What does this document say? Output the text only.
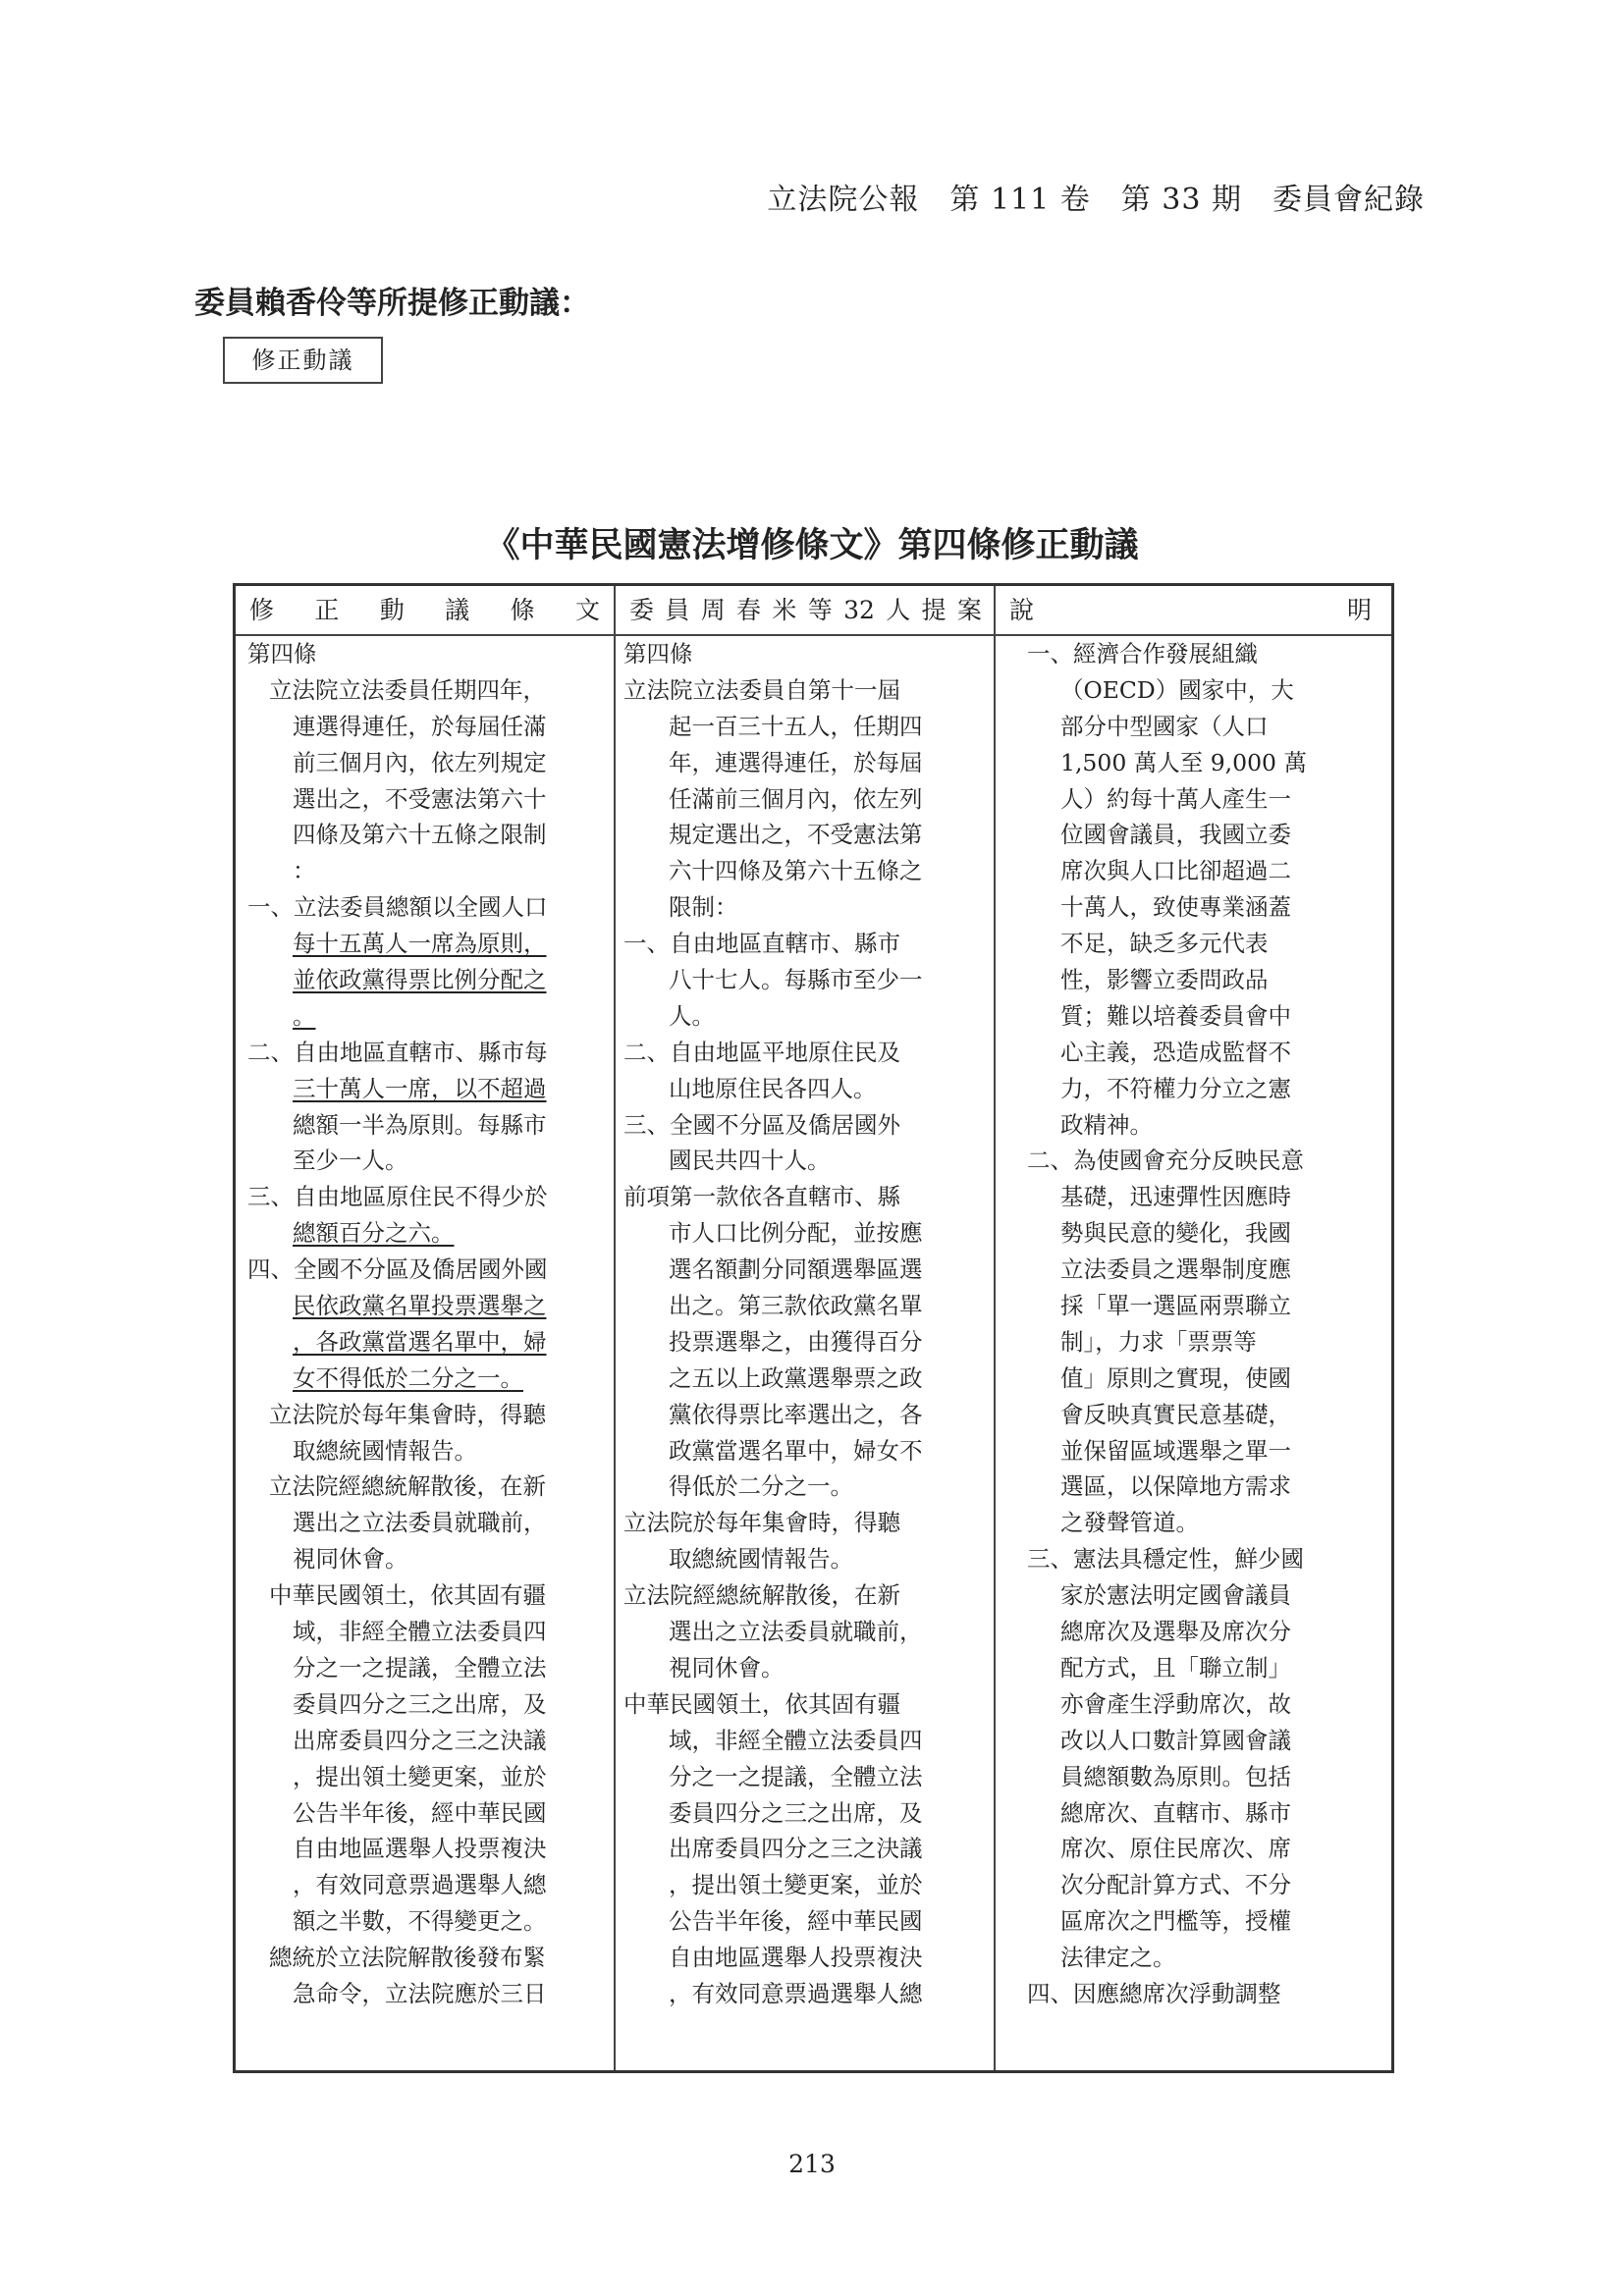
立法院公報　第 111 卷　第 33 期　委員會紀錄
委員賴香伶等所提修正動議：
修正動議
《中華民國憲法增修條文》第四條修正動議
修 正 動 議 條 文 委 員 周 春 米 等 32 人 提 案 說	明
第四條
立法院立法委員任期四年，
連選得連任，於每屆任滿
前三個月內，依左列規定
選出之，不受憲法第六十
四條及第六十五條之限制
：
一、立法委員總額以全國人口
每十五萬人一席為原則，
並依政黨得票比例分配之
。
二、自由地區直轄市、縣市每
三十萬人一席，以不超過
總額一半為原則。每縣市
至少一人。
三、自由地區原住民不得少於
總額百分之六。
四、全國不分區及僑居國外國
民依政黨名單投票選舉之
，各政黨當選名單中，婦
女不得低於二分之一。
立法院於每年集會時，得聽
取總統國情報告。
立法院經總統解散後，在新
選出之立法委員就職前，
視同休會。
中華民國領土，依其固有疆
域，非經全體立法委員四
分之一之提議，全體立法
委員四分之三之出席，及
出席委員四分之三之決議
，提出領土變更案，並於
公告半年後，經中華民國
自由地區選舉人投票複決
，有效同意票過選舉人總
額之半數，不得變更之。
總統於立法院解散後發布緊
急命令，立法院應於三日
第四條
立法院立法委員自第十一屆
起一百三十五人，任期四
年，連選得連任，於每屆
任滿前三個月內，依左列
規定選出之，不受憲法第
六十四條及第六十五條之
限制：
一、自由地區直轄市、縣市
八十七人。每縣市至少一
人。
二、自由地區平地原住民及
山地原住民各四人。
三、全國不分區及僑居國外
國民共四十人。
前項第一款依各直轄市、縣
市人口比例分配，並按應
選名額劃分同額選舉區選
出之。第三款依政黨名單
投票選舉之，由獲得百分
之五以上政黨選舉票之政
黨依得票比率選出之，各
政黨當選名單中，婦女不
得低於二分之一。
立法院於每年集會時，得聽
取總統國情報告。
立法院經總統解散後，在新
選出之立法委員就職前，
視同休會。
中華民國領土，依其固有疆
域，非經全體立法委員四
分之一之提議，全體立法
委員四分之三之出席，及
出席委員四分之三之決議
，提出領土變更案，並於
公告半年後，經中華民國
自由地區選舉人投票複決
，有效同意票過選舉人總
一、經濟合作發展組織
（OECD）國家中，大
部分中型國家（人口
1,500 萬人至 9,000 萬
人）約每十萬人產生一
位國會議員，我國立委
席次與人口比卻超過二
十萬人，致使專業涵蓋
不足，缺乏多元代表
性，影響立委問政品
質；難以培養委員會中
心主義，恐造成監督不
力，不符權力分立之憲
政精神。
二、為使國會充分反映民意
基礎，迅速彈性因應時
勢與民意的變化，我國
立法委員之選舉制度應
採「單一選區兩票聯立
制」，力求「票票等
值」原則之實現，使國
會反映真實民意基礎，
並保留區域選舉之單一
選區，以保障地方需求
之發聲管道。
三、憲法具穩定性，鮮少國
家於憲法明定國會議員
總席次及選舉及席次分
配方式，且「聯立制」
亦會產生浮動席次，故
改以人口數計算國會議
員總額數為原則。包括
總席次、直轄市、縣市
席次、原住民席次、席
次分配計算方式、不分
區席次之門檻等，授權
法律定之。
四、因應總席次浮動調整
213
